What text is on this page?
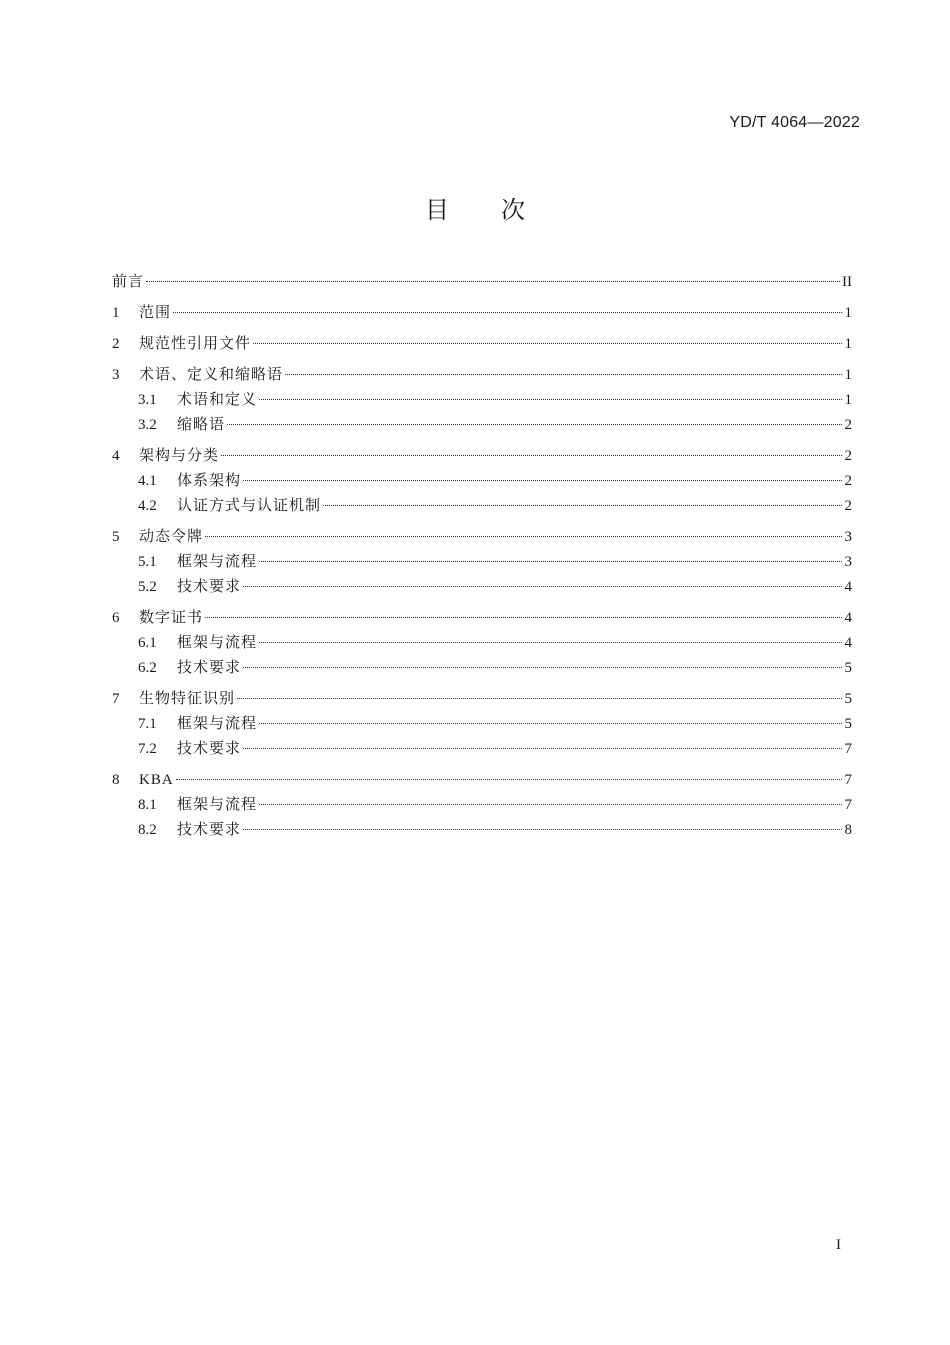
YD/T 4064—2022
目 次
前言	II
1	范围	1
2	规范性引用文件	1
3	术语、定义和缩略语	1
3.1	术语和定义	1
3.2	缩略语	2
4	架构与分类	2
4.1	体系架构	2
4.2	认证方式与认证机制	2
5	动态令牌	3
5.1	框架与流程	3
5.2	技术要求	4
6	数字证书	4
6.1	框架与流程	4
6.2	技术要求	5
7	生物特征识别	5
7.1	框架与流程	5
7.2	技术要求	7
8	KBA	7
8.1	框架与流程	7
8.2	技术要求	8
I
